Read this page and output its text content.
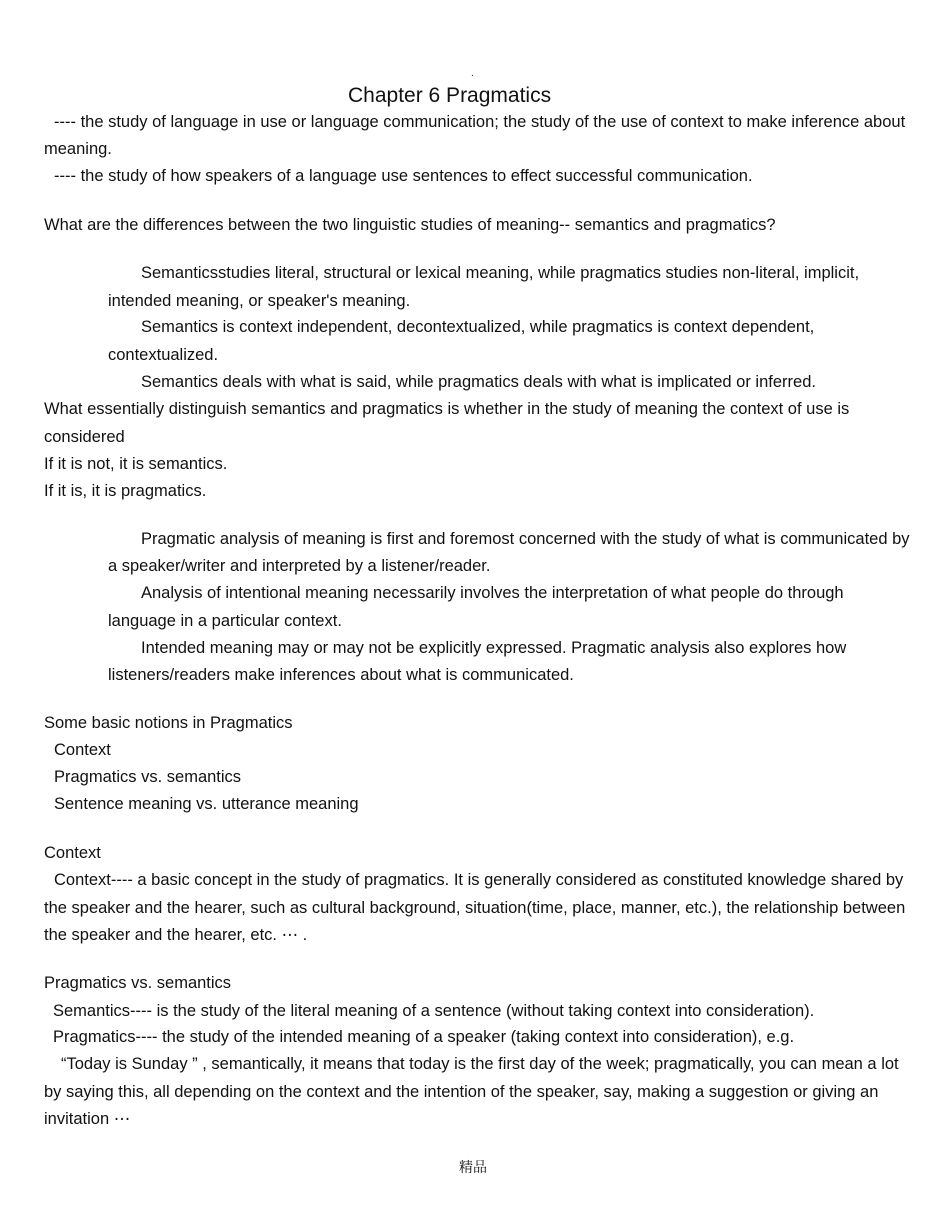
.
Chapter 6 Pragmatics
---- the study of language in use or language communication; the study of the use of context to make inference about
meaning.
---- the study of how speakers of a language use sentences to effect successful communication.
What are the differences between the two linguistic studies of meaning-- semantics and pragmatics?
Semanticsstudies literal, structural or lexical meaning, while pragmatics studies non-literal, implicit,
intended meaning, or speaker's meaning.
Semantics is context independent, decontextualized, while pragmatics is context dependent,
contextualized.
Semantics deals with what is said, while pragmatics deals with what is implicated or inferred.
What essentially distinguish semantics and pragmatics is whether in the study of meaning the context of use is
considered
If it is not, it is semantics.
If it is, it is pragmatics.
Pragmatic analysis of meaning is first and foremost concerned with the study of what is communicated by
a speaker/writer and interpreted by a listener/reader.
Analysis of intentional meaning necessarily involves the interpretation of what people do through
language in a particular context.
Intended meaning may or may not be explicitly expressed. Pragmatic analysis also explores how
listeners/readers make inferences about what is communicated.
Some basic notions in Pragmatics
Context
Pragmatics vs. semantics
Sentence meaning vs. utterance meaning
Context
Context---- a basic concept in the study of pragmatics. It is generally considered as constituted knowledge shared by
the speaker and the hearer, such as cultural background, situation(time, place, manner, etc.), the relationship between
the speaker and the hearer, etc. ⋯ .
Pragmatics vs. semantics
Semantics---- is the study of the literal meaning of a sentence (without taking context into consideration).
Pragmatics---- the study of the intended meaning of a speaker (taking context into consideration), e.g.
“Today is Sunday ” , semantically, it means that today is the first day of the week; pragmatically, you can mean a lot
by saying this, all depending on the context and the intention of the speaker, say, making a suggestion or giving an
invitation ⋯
精品
